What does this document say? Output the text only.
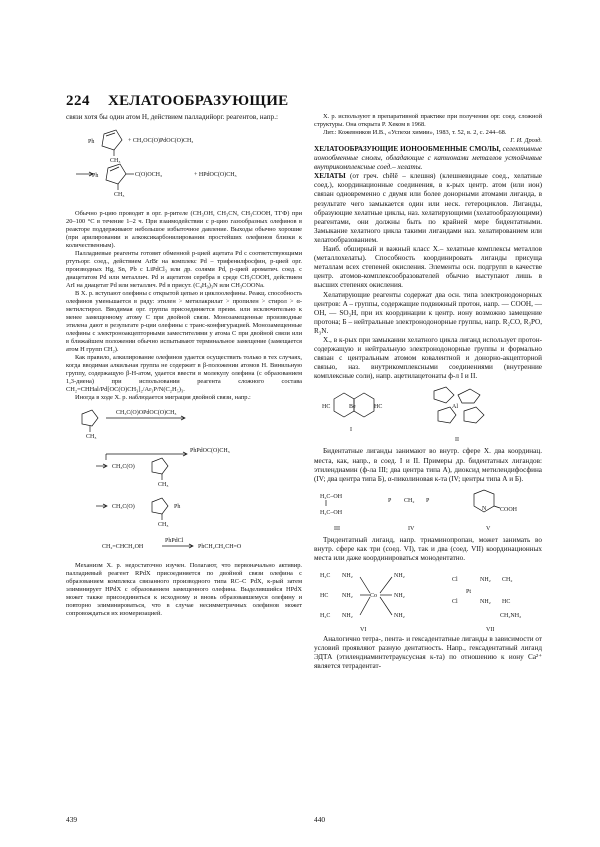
224 ХЕЛАТООБРАЗУЮЩИЕ

связи хотя бы один атом H, действием палладийорг. реагентов, напр.:

Ph
CH₃
+ CH₃OC(O)PdOC(O)CH₃
Ph	C(O)OCH₃
CH₃
+ HPdOC(O)CH₃

Обычно р-цию проводят в орг. р-рителе (CH₃OH, CH₃CN, CH₃COOH, ТГФ) при 20–100 °С в течение 1–2 ч. При взаимодействии с р-цию газообразных олефинов в реакторе поддерживают небольшое избыточное давление. Выходы обычно хорошие (при арилировании и алкоксикарбонилировании простейших олефинов близки к количественным).

Палладиевые реагенты готовят обменной р-цией ацетата Pd с соответствующими ртутьорг. соед., действием ArBr на комплекс Pd – трифенилфосфин, р-цией орг. производных Hg, Sn, Pb с LiPdCl₃ или др. солями Pd, р-цией ароматич. соед. с диацетатом Pd или металлич. Pd и ацетатом серебра в среде CH₃COOH, действием ArI на диацетат Pd или металлич. Pd в присут. (C₄H₉)₃N или CH₃COONa.

В Х. р. вступают олефины с открытой цепью и циклоолефины. Реакц. способность олефинов уменьшается в ряду: этилен > метилакрилат > пропилен > стирол > α-метилстирол. Вводимая орг. группа присоединяется преим. или исключительно к менее замещенному атому C при двойной связи. Монозамещенные производные этилена дают в результате р-ции олефины с транс-конфигурацией. Монозамещенные олефины с электроноакцепторными заместителями у атома C при двойной связи или в ближайшем положении обычно испытывают терминальное замещение (замещается атом H групп CH₂).

Как правило, алкилирование олефинов удается осуществить только в тех случаях, когда вводимая алкильная группа не содержит в β-положении атомов H. Винильную группу, содержащую β-H-атом, удается ввести в молекулу олефина (с образованием 1,3-диена) при использовании реагента сложного состава CH₂=CHHal/Pd[OC(O)CH₃]₂/Ar₃P/N(C₂H₅)₃.

Иногда в ходе Х. р. наблюдается миграция двойной связи, напр.:

CH₃
CH₃C(O)OPdOC(O)CH₃
PhPdOC(O)CH₃
CH₃C(O)
CH₃
CH₃C(O)	Ph
CH₃
CH₂=CHCH₂OH
PhPdCl
PhCH₂CH₂CH=O

Механизм Х. р. недостаточно изучен. Полагают, что первоначально активир. палладиевый реагент RPdX присоединяется по двойной связи олефина с образованием комплекса связанного производного типа RC–C PdX, к-рый затем элиминирует HPdX с образованием замещенного олефина. Выделившийся HPdX может также присоединиться к исходному и вновь образовавшемуся олефину и повторно элиминироваться, что в случае несимметричных олефинов может сопровождаться их изомеризацией.

Х. р. используют в препаративной практике при получении орг. соед. сложной структуры. Она открыта Р. Хеком в 1968.

Лит.: Кожевников И.В., «Успехи химии», 1983, т. 52, в. 2, с. 244–68.

Г. И. Дрозд.

ХЕЛАТООБРАЗУЮЩИЕ ИОНООБМЕННЫЕ СМОЛЫ, селективные ионообменные смолы, обладающие с катионами металлов устойчивые внутрикомплексные соед.– хелаты.

ХЕЛАТЫ (от греч. chēlē – клешня) (клешневидные соед., хелатные соед.), координационные соединения, в к-рых центр. атом (или ион) связан одновременно с двумя или более донорными атомами лиганда, в результате чего замыкается один или неск. гетероциклов. Лиганды, образующие хелатные циклы, наз. хелатирующими (хелатообразующими) реагентами, они должны быть по крайней мере бидентатными. Замыкание хелатного цикла такими лигандами наз. хелатированием или хелатообразованием.

Наиб. обширный и важный класс Х.– хелатные комплексы металлов (металлохелаты). Способность координировать лиганды присуща металлам всех степеней окисления. Элементы осн. подгрупп в качестве центр. атомов-комплексообразователей обычно выступают лишь в высших степенях окисления.

Хелатирующие реагенты содержат два осн. типа электронодонорных центров: A – группы, содержащие подвижный протон, напр. — COOH, — OH, — SO₃H, при их координации к центр. иону возможно замещение протона; Б – нейтральные электронодонорные группы, напр. R₂CO, R₃PO, R₃N.

Х., в к-рых при замыкании хелатного цикла лиганд использует протон-содержащую и нейтральную электронодонорные группы и формально связан с центральным атомом ковалентной и донорно-акцепторной связью, наз. внутрикомплексными соединениями (внутренние комплексные соли), напр. ацетилацетонаты ф-л I и II.

Be
HC	HC
I
Al
II

Бидентатные лиганды занимают во внутр. сфере Х. два координац. места, как, напр., в соед. I и II. Примеры др. бидентатных лигандов: этилендиамин (ф-ла III; два центра типа A), диоксид метилендифосфина (IV; два центра типа Б), α-пиколиновая к-та (IV; центры типа А и Б).

H₂C–OH
H₂C–OH
III
P CH₂ P
IV
N COOH
V

Тридентатный лиганд, напр. триаминопропан, может занимать во внутр. сфере как три (соед. VI), так и два (соед. VII) координационных места или даже координироваться монодентатно.

Co
H₂C
HC
H₂C
NH₂
NH₂
NH₂
NH₂
NH₂
NH₂
VI
Cl
Cl
Pt
NH₂
NH₂
CH₂
HC
CH₂NH₂
VII

Аналогично тетра-, пента- и гексадентатные лиганды в зависимости от условий проявляют разную дентатность. Напр., гексадентатный лиганд ЭДТА (этилендиаминтетрауксусная к-та) по отношению к иону Ca²⁺ является тетрадентат-

439	440
